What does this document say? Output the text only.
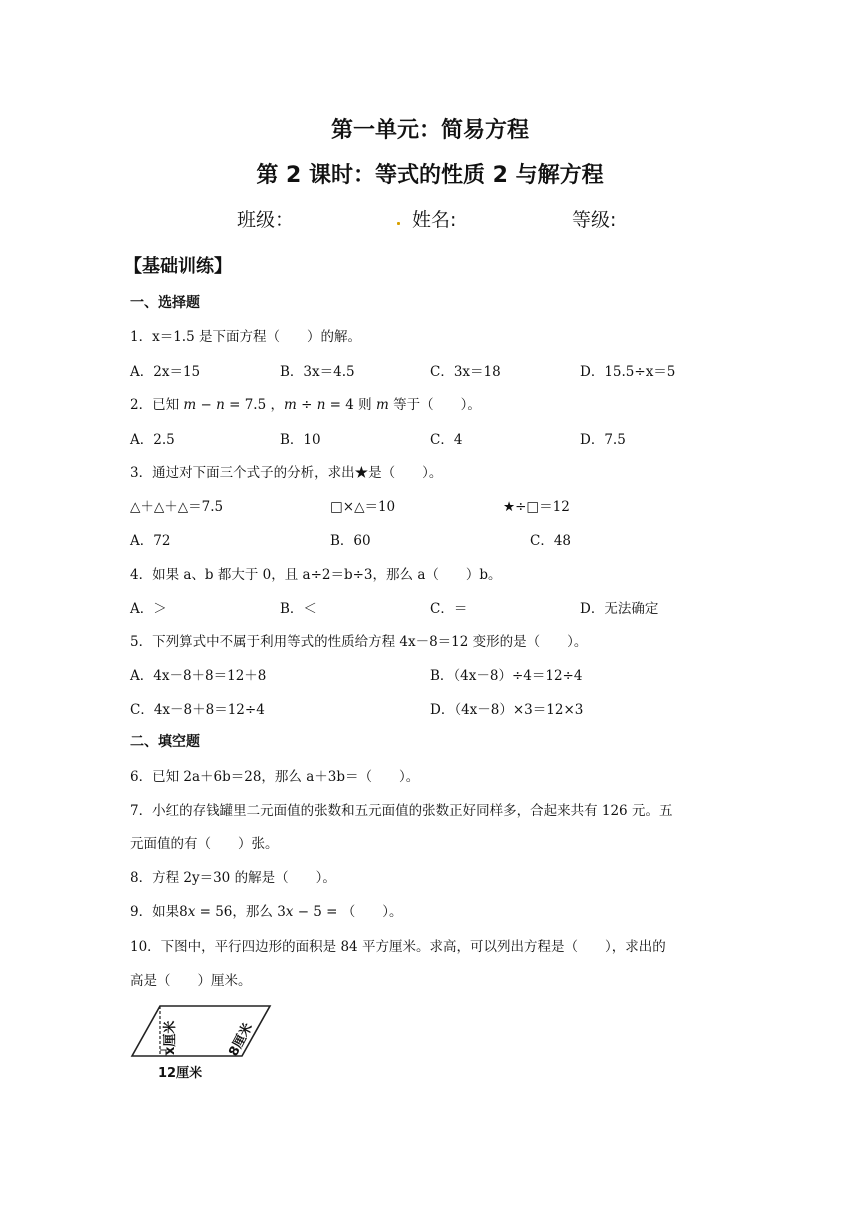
第一单元：简易方程
第 2 课时：等式的性质 2 与解方程
班级：	姓名:	等级:
【基础训练】
一、选择题
1．x＝1.5 是下面方程（　　）的解。
A．2x＝15	B．3x＝4.5	C．3x＝18	D．15.5÷x＝5
2．已知 m − n = 7.5 ，m ÷ n = 4 则 m 等于（　　）。
A．2.5	B．10	C．4	D．7.5
3．通过对下面三个式子的分析，求出★是（　　）。
△＋△＋△＝7.5	□×△＝10	★÷□＝12
A．72	B．60	C．48
4．如果 a、b 都大于 0，且 a÷2＝b÷3，那么 a（　　）b。
A．＞	B．＜	C．＝	D．无法确定
5．下列算式中不属于利用等式的性质给方程 4x－8＝12 变形的是（　　）。
A．4x－8＋8＝12＋8	B．（4x－8）÷4＝12÷4
C．4x－8＋8＝12÷4	D．（4x－8）×3＝12×3
二、填空题
6．已知 2a＋6b＝28，那么 a＋3b＝（　　）。
7．小红的存钱罐里二元面值的张数和五元面值的张数正好同样多，合起来共有 126 元。五
元面值的有（　　）张。
8．方程 2y＝30 的解是（　　）。
9．如果8x = 56，那么 3x − 5 = （　　）。
10．下图中，平行四边形的面积是 84 平方厘米。求高，可以列出方程是（　　），求出的
高是（　　）厘米。
x厘米	8厘米
12厘米
